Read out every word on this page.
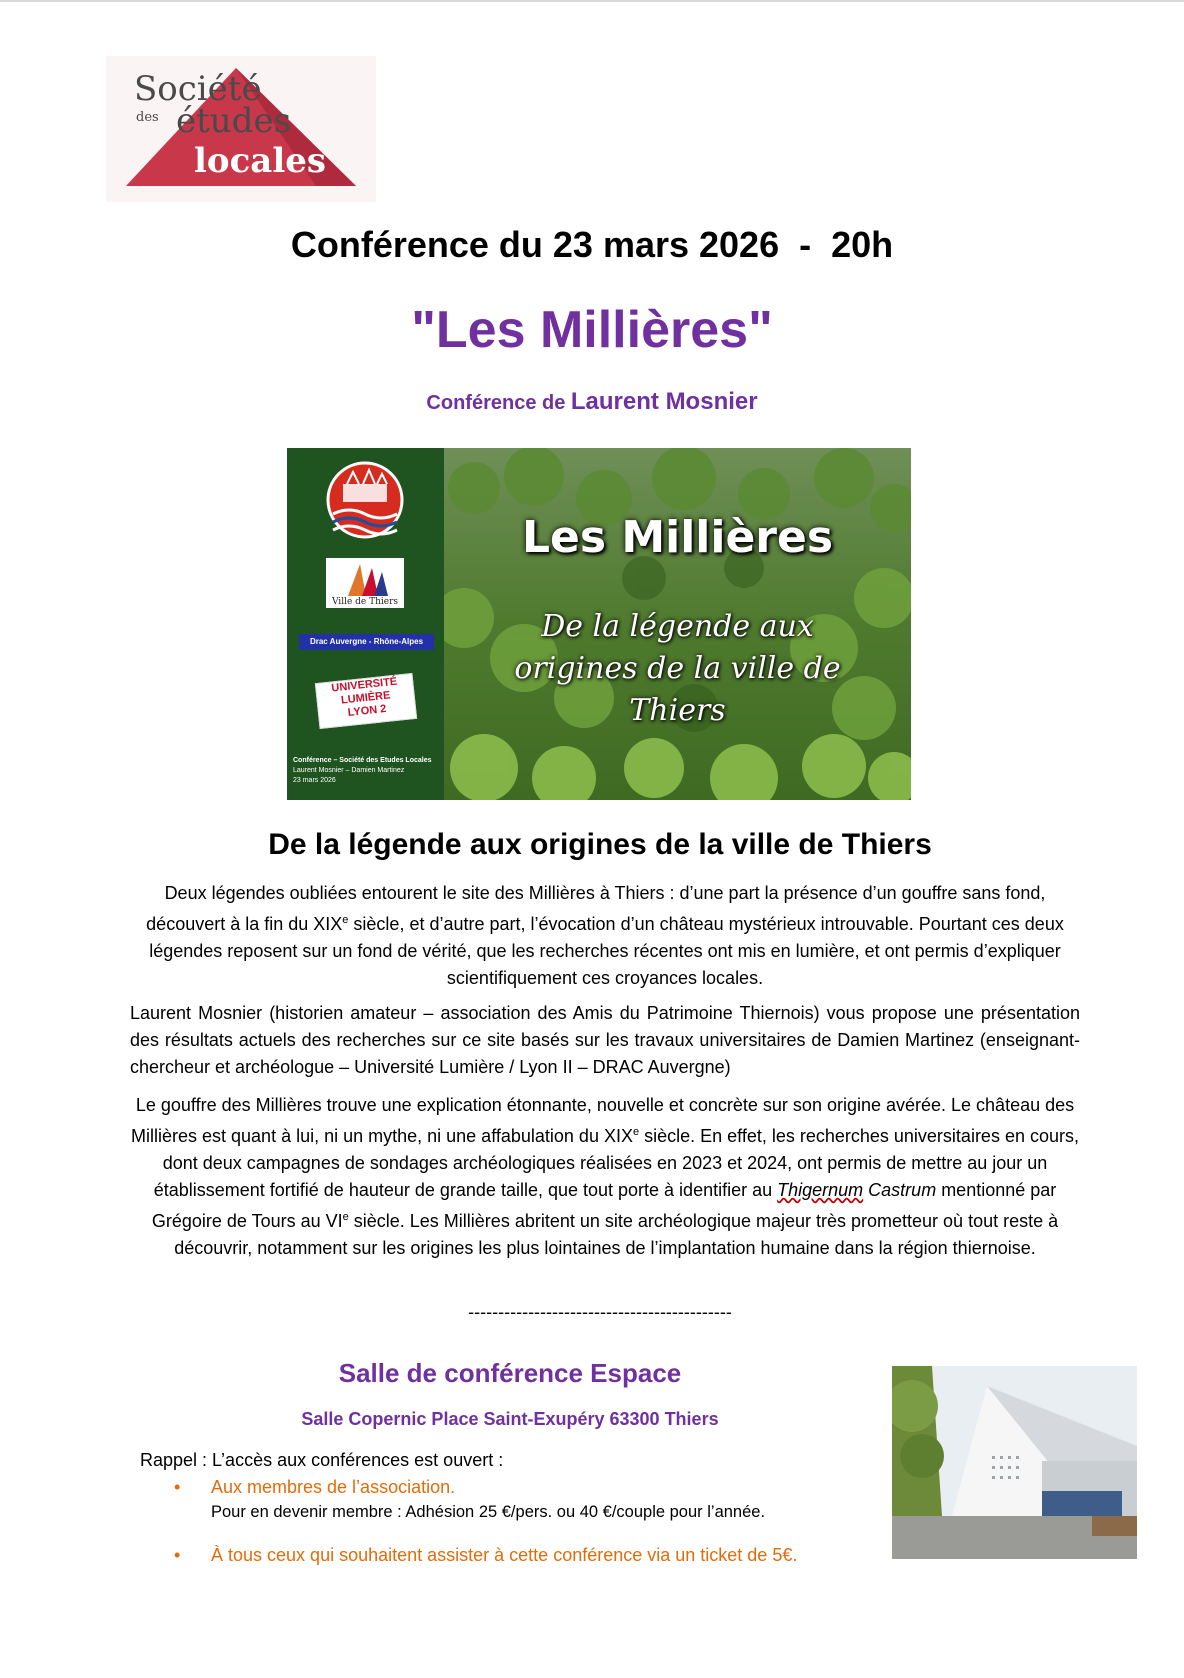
Société
des études
locales
Conférence du 23 mars 2026  -  20h
"Les Millières"
Conférence de Laurent Mosnier
Ville de Thiers
Drac Auvergne - Rhône-Alpes
UNIVERSITÉ
LUMIÈRE
LYON 2
Conférence – Société des Etudes Locales
Laurent Mosnier – Damien Martinez
23 mars 2026
Les Millières
De la légende aux
origines de la ville de
Thiers
De la légende aux origines de la ville de Thiers
Deux légendes oubliées entourent le site des Millières à Thiers : d’une part la présence d’un gouffre sans fond, découvert à la fin du XIXe siècle, et d’autre part, l’évocation d’un château mystérieux introuvable. Pourtant ces deux légendes reposent sur un fond de vérité, que les recherches récentes ont mis en lumière, et ont permis d’expliquer scientifiquement ces croyances locales.
Laurent Mosnier (historien amateur – association des Amis du Patrimoine Thiernois) vous propose une présentation des résultats actuels des recherches sur ce site basés sur les travaux universitaires de Damien Martinez (enseignant-chercheur et archéologue – Université Lumière / Lyon II – DRAC Auvergne)
Le gouffre des Millières trouve une explication étonnante, nouvelle et concrète sur son origine avérée. Le château des Millières est quant à lui, ni un mythe, ni une affabulation du XIXe siècle. En effet, les recherches universitaires en cours, dont deux campagnes de sondages archéologiques réalisées en 2023 et 2024, ont permis de mettre au jour un établissement fortifié de hauteur de grande taille, que tout porte à identifier au Thigernum Castrum mentionné par Grégoire de Tours au VIe siècle. Les Millières abritent un site archéologique majeur très prometteur où tout reste à découvrir, notamment sur les origines les plus lointaines de l’implantation humaine dans la région thiernoise.
--------------------------------------------
Salle de conférence Espace
Salle Copernic Place Saint-Exupéry 63300 Thiers
Rappel : L’accès aux conférences est ouvert :
• Aux membres de l’association.
Pour en devenir membre : Adhésion 25 €/pers. ou 40 €/couple pour l’année.
• À tous ceux qui souhaitent assister à cette conférence via un ticket de 5€.
